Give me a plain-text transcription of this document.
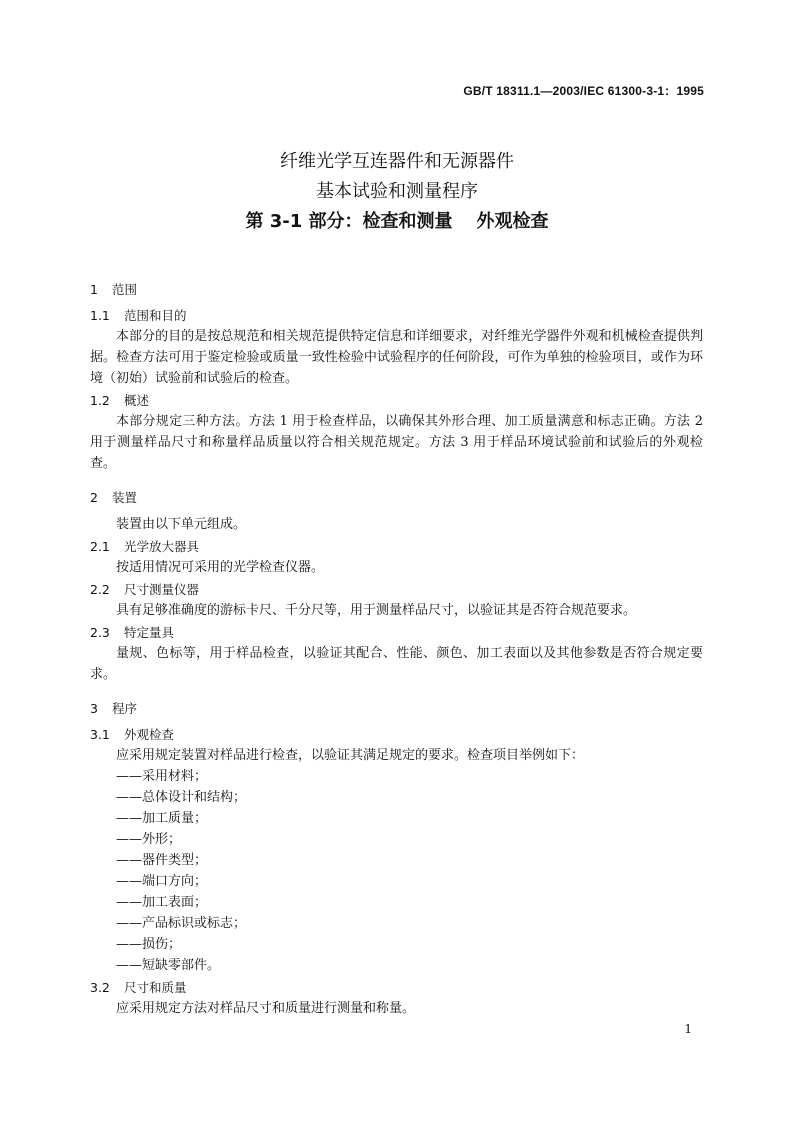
GB/T 18311.1—2003/IEC 61300-3-1：1995
纤维光学互连器件和无源器件
基本试验和测量程序
第 3-1 部分：检查和测量 外观检查
1 范围
1.1 范围和目的
本部分的目的是按总规范和相关规范提供特定信息和详细要求，对纤维光学器件外观和机械检查提供判据。检查方法可用于鉴定检验或质量一致性检验中试验程序的任何阶段，可作为单独的检验项目，或作为环境（初始）试验前和试验后的检查。
1.2 概述
本部分规定三种方法。方法 1 用于检查样品，以确保其外形合理、加工质量满意和标志正确。方法 2 用于测量样品尺寸和称量样品质量以符合相关规范规定。方法 3 用于样品环境试验前和试验后的外观检查。
2 装置
装置由以下单元组成。
2.1 光学放大器具
按适用情况可采用的光学检查仪器。
2.2 尺寸测量仪器
具有足够准确度的游标卡尺、千分尺等，用于测量样品尺寸，以验证其是否符合规范要求。
2.3 特定量具
量规、色标等，用于样品检查，以验证其配合、性能、颜色、加工表面以及其他参数是否符合规定要求。
3 程序
3.1 外观检查
应采用规定装置对样品进行检查，以验证其满足规定的要求。检查项目举例如下：
——采用材料；
——总体设计和结构；
——加工质量；
——外形；
——器件类型；
——端口方向；
——加工表面；
——产品标识或标志；
——损伤；
——短缺零部件。
3.2 尺寸和质量
应采用规定方法对样品尺寸和质量进行测量和称量。
1
